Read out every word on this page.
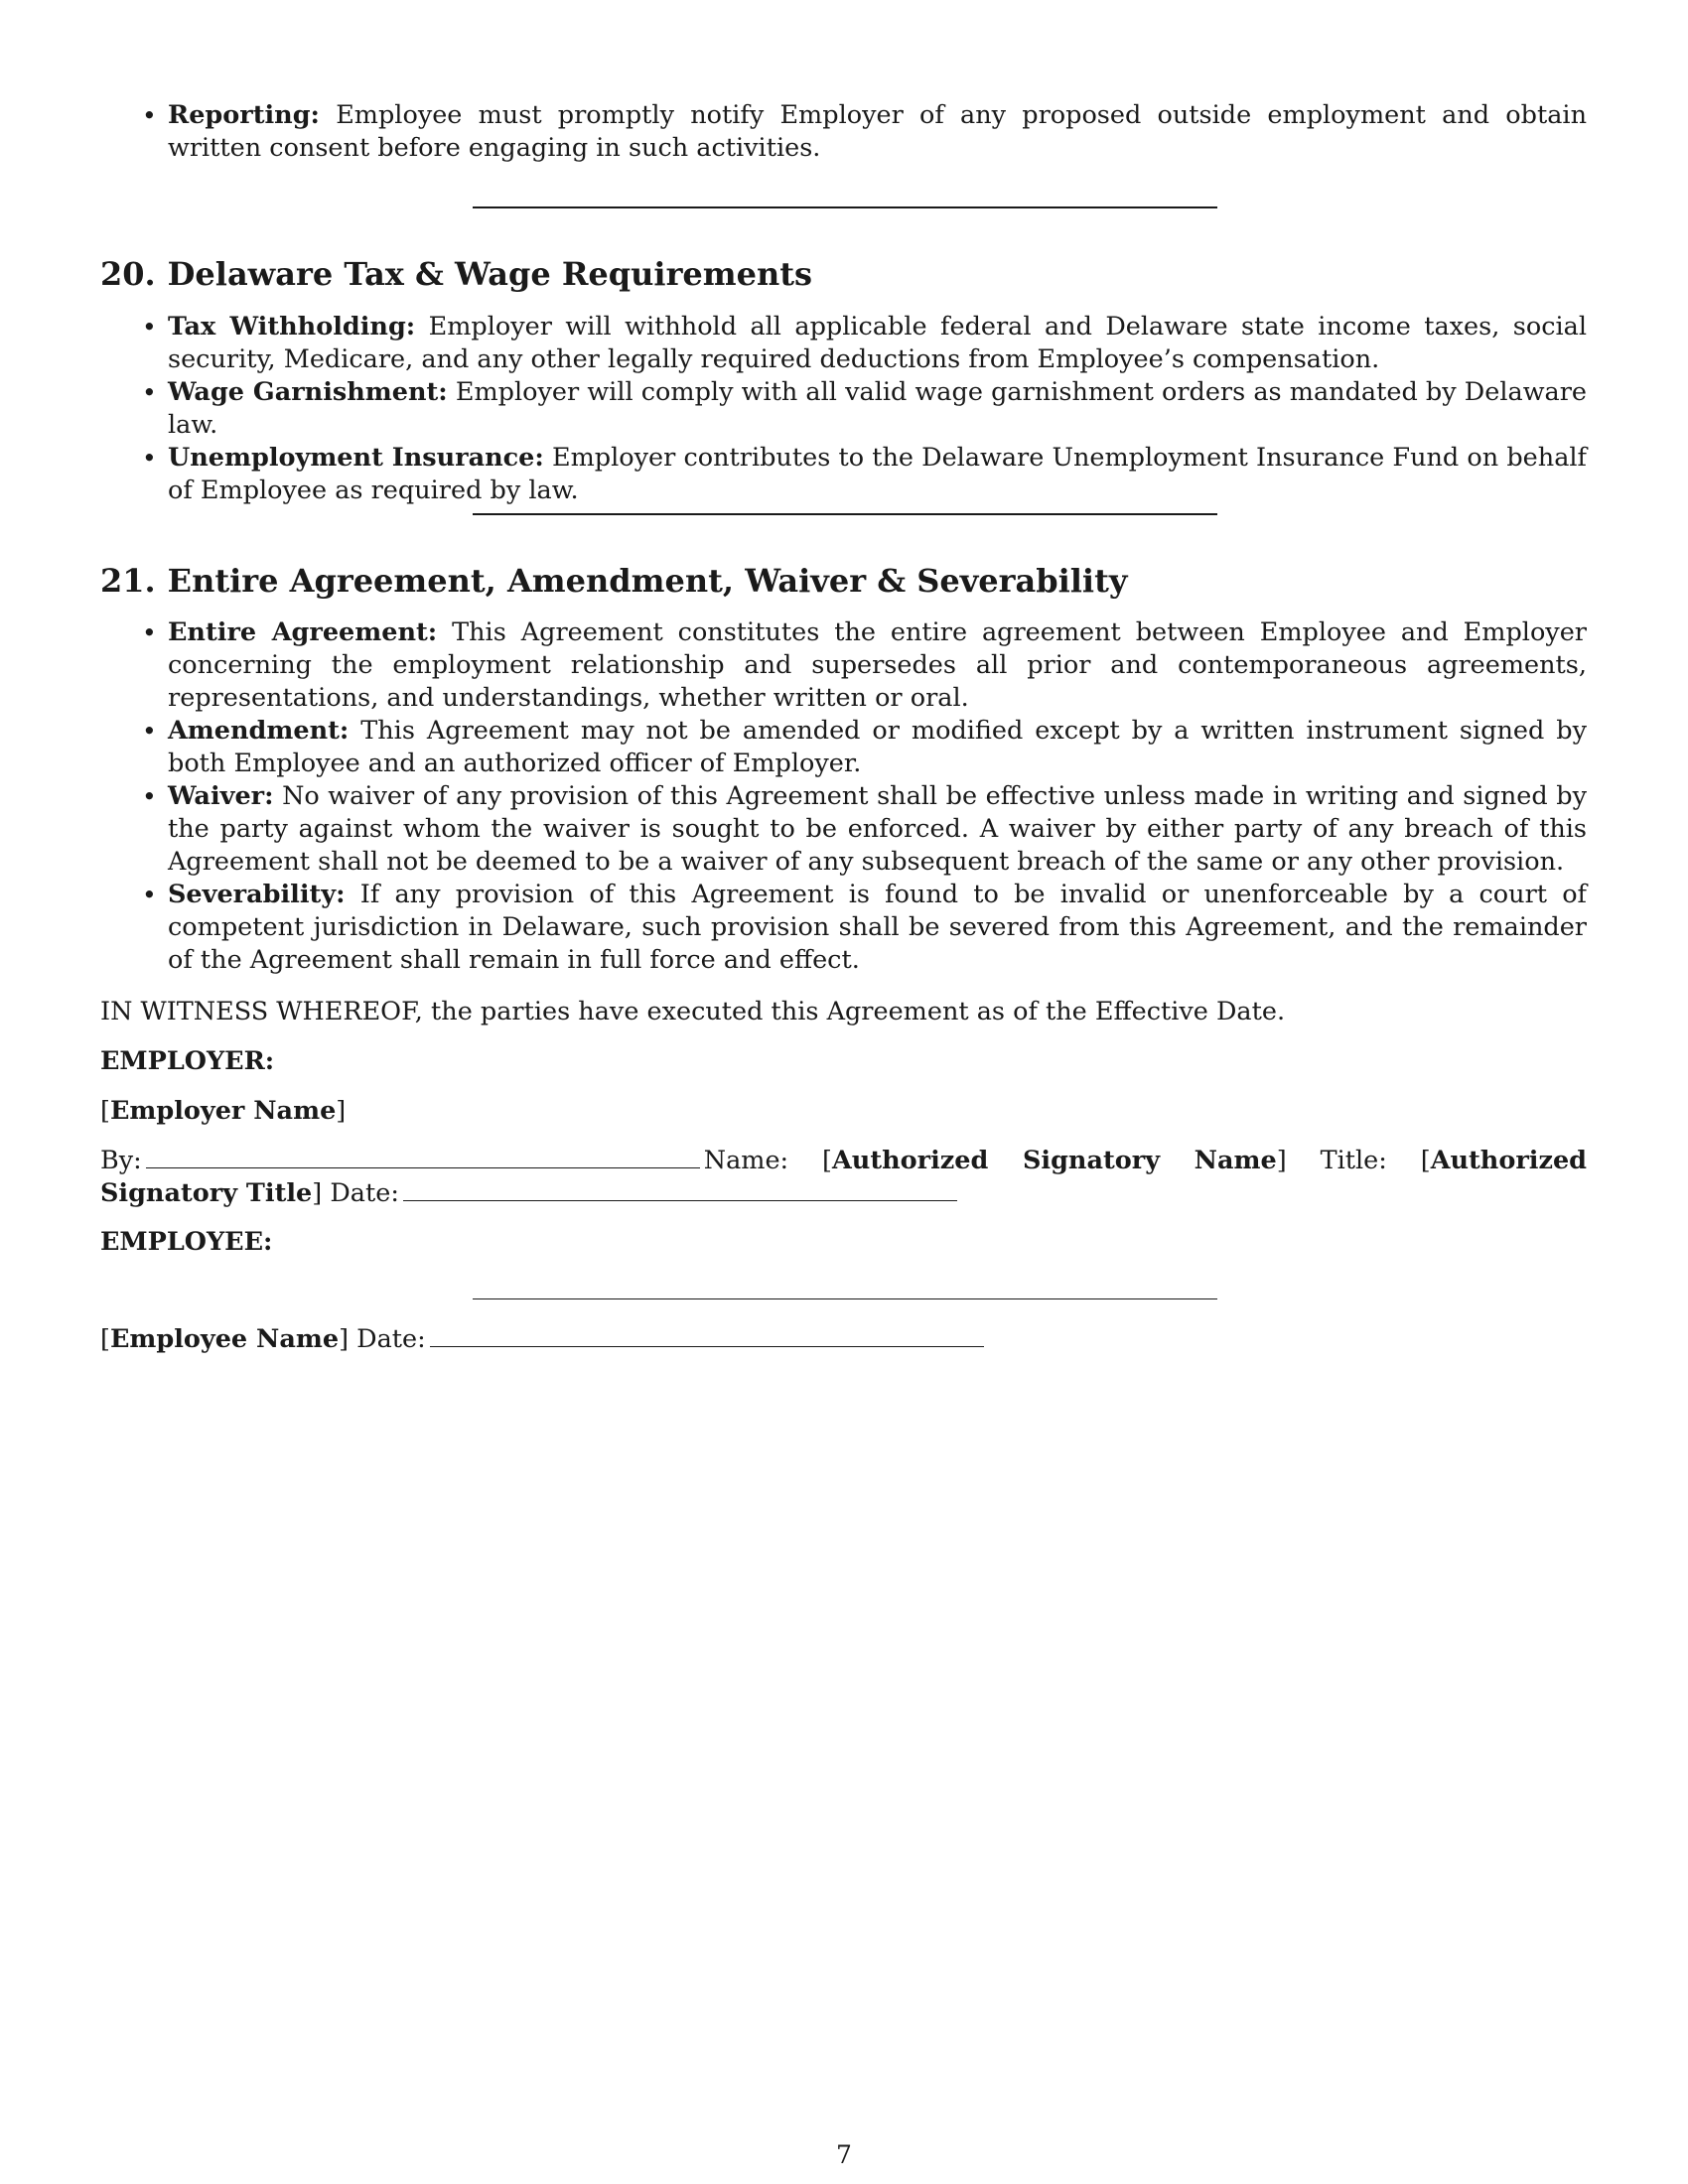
• Reporting: Employee must promptly notify Employer of any proposed outside employment and obtain written consent before engaging in such activities.
20. Delaware Tax & Wage Requirements
• Tax Withholding: Employer will withhold all applicable federal and Delaware state income taxes, social security, Medicare, and any other legally required deductions from Employee’s compensation.
• Wage Garnishment: Employer will comply with all valid wage garnishment orders as mandated by Delaware law.
• Unemployment Insurance: Employer contributes to the Delaware Unemployment Insurance Fund on behalf of Employee as required by law.
21. Entire Agreement, Amendment, Waiver & Severability
• Entire Agreement: This Agreement constitutes the entire agreement between Employee and Employer concerning the employment relationship and supersedes all prior and contemporaneous agreements, representations, and understandings, whether written or oral.
• Amendment: This Agreement may not be amended or modified except by a written instrument signed by both Employee and an authorized officer of Employer.
• Waiver: No waiver of any provision of this Agreement shall be effective unless made in writing and signed by the party against whom the waiver is sought to be enforced. A waiver by either party of any breach of this Agreement shall not be deemed to be a waiver of any subsequent breach of the same or any other provision.
• Severability: If any provision of this Agreement is found to be invalid or unenforceable by a court of competent jurisdiction in Delaware, such provision shall be severed from this Agreement, and the remainder of the Agreement shall remain in full force and effect.
IN WITNESS WHEREOF, the parties have executed this Agreement as of the Effective Date.
EMPLOYER:
[Employer Name]
By:	Name: [Authorized Signatory Name] Title: [Authorized Signatory Title] Date:
EMPLOYEE:
[Employee Name] Date:
7
